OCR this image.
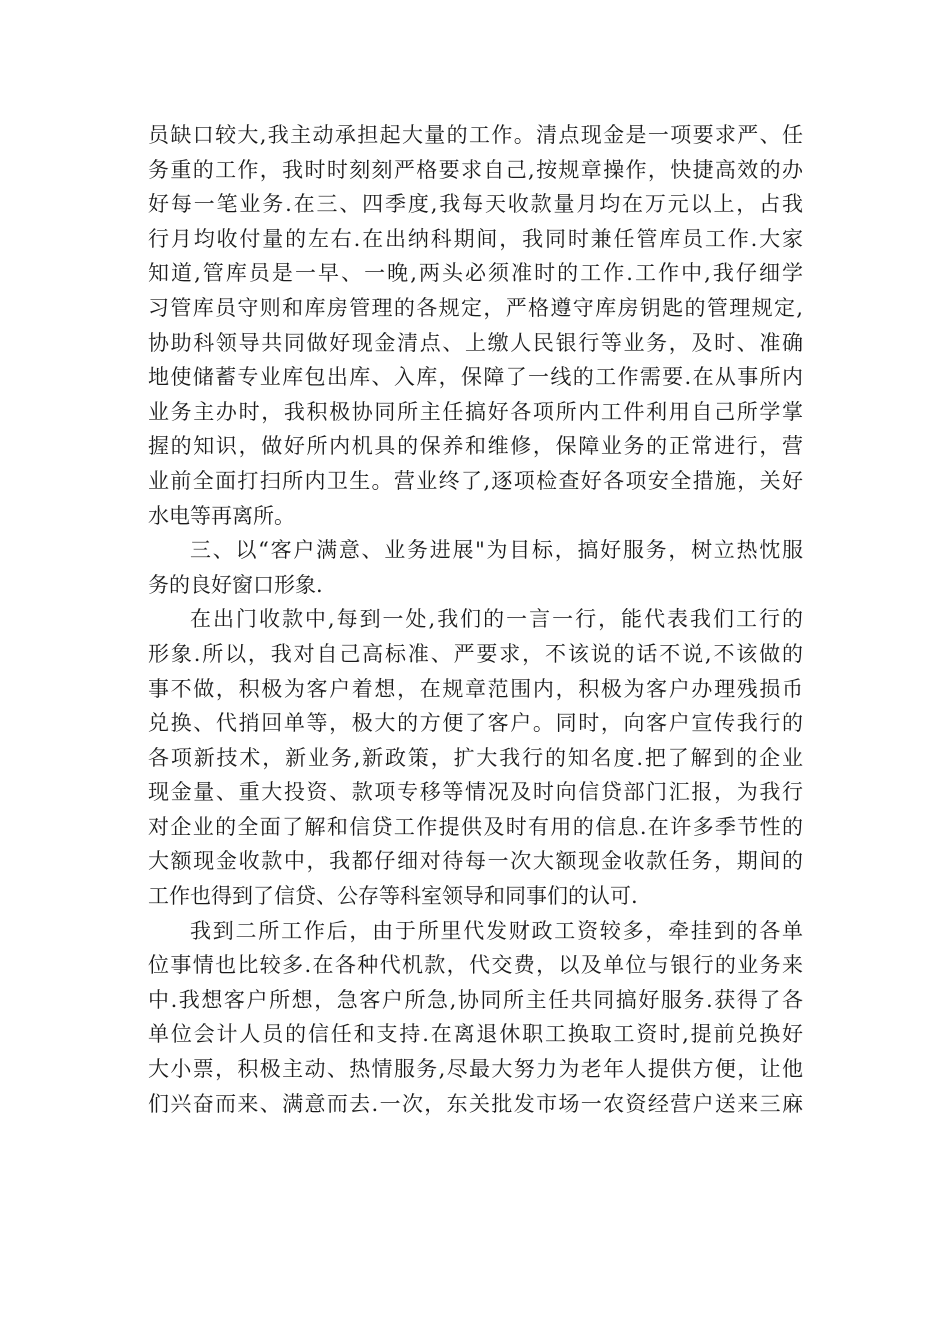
员缺口较大,我主动承担起大量的工作。清点现金是一项要求严、任
务重的工作，我时时刻刻严格要求自己,按规章操作，快捷高效的办
好每一笔业务.在三、四季度,我每天收款量月均在万元以上，占我
行月均收付量的左右.在出纳科期间，我同时兼任管库员工作.大家
知道,管库员是一早、一晚,两头必须准时的工作.工作中,我仔细学
习管库员守则和库房管理的各规定，严格遵守库房钥匙的管理规定,
协助科领导共同做好现金清点、上缴人民银行等业务，及时、准确
地使储蓄专业库包出库、入库，保障了一线的工作需要.在从事所内
业务主办时，我积极协同所主任搞好各项所内工件利用自己所学掌
握的知识，做好所内机具的保养和维修，保障业务的正常进行，营
业前全面打扫所内卫生。营业终了,逐项检查好各项安全措施，关好
水电等再离所。
三、以“客户满意、业务进展"为目标，搞好服务，树立热忱服
务的良好窗口形象.
在出门收款中,每到一处,我们的一言一行，能代表我们工行的
形象.所以，我对自己高标准、严要求，不该说的话不说,不该做的
事不做，积极为客户着想，在规章范围内，积极为客户办理残损币
兑换、代捎回单等，极大的方便了客户。同时，向客户宣传我行的
各项新技术，新业务,新政策，扩大我行的知名度.把了解到的企业
现金量、重大投资、款项专移等情况及时向信贷部门汇报，为我行
对企业的全面了解和信贷工作提供及时有用的信息.在许多季节性的
大额现金收款中，我都仔细对待每一次大额现金收款任务，期间的
工作也得到了信贷、公存等科室领导和同事们的认可.
我到二所工作后，由于所里代发财政工资较多，牵挂到的各单
位事情也比较多.在各种代机款，代交费，以及单位与银行的业务来
中.我想客户所想，急客户所急,协同所主任共同搞好服务.获得了各
单位会计人员的信任和支持.在离退休职工换取工资时,提前兑换好
大小票，积极主动、热情服务,尽最大努力为老年人提供方便，让他
们兴奋而来、满意而去.一次，东关批发市场一农资经营户送来三麻
